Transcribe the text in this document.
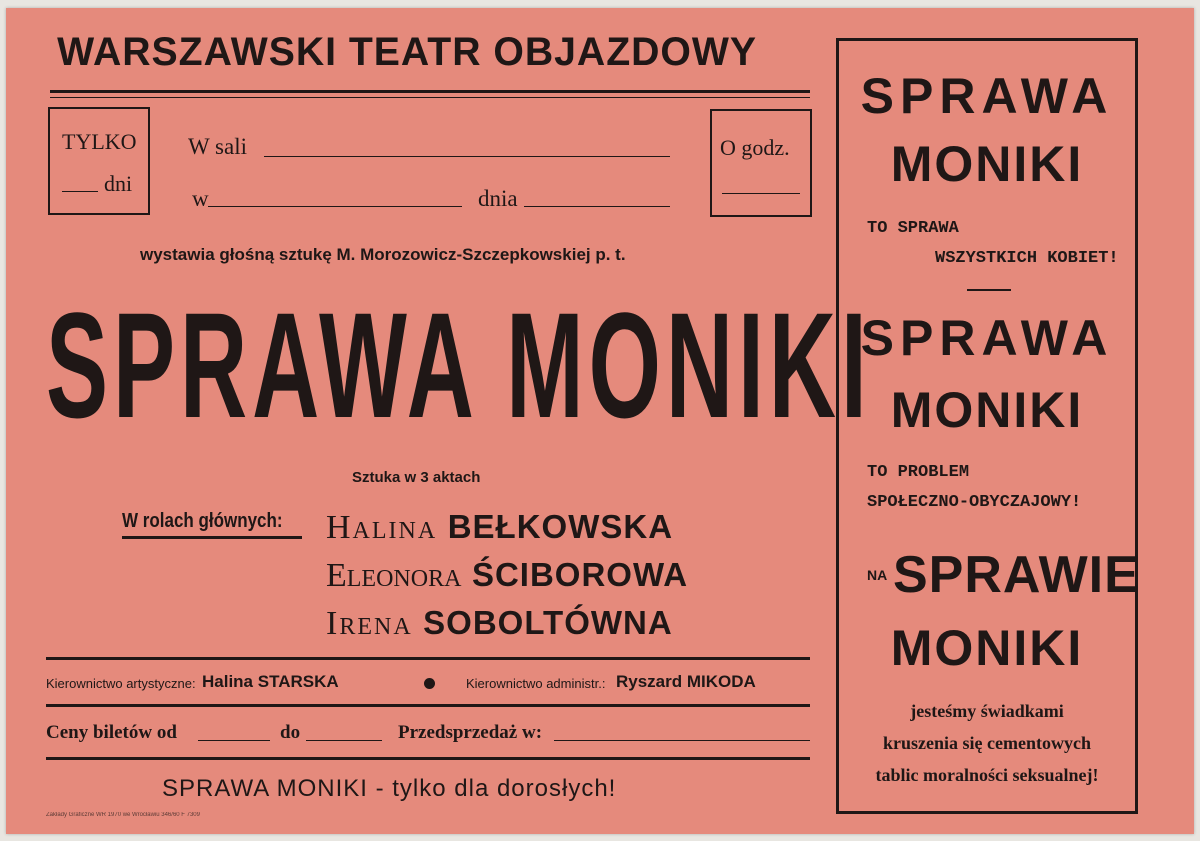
WARSZAWSKI TEATR OBJAZDOWY
TYLKO
dni
W sali
w	dnia
O godz.
wystawia głośną sztukę M. Morozowicz-Szczepkowskiej p. t.
SPRAWA MONIKI
Sztuka w 3 aktach
W rolach głównych: Halina BEŁKOWSKA
Eleonora ŚCIBOROWA
Irena SOBOLTÓWNA
Kierownictwo artystyczne: Halina STARSKA	Kierownictwo administr.: Ryszard MIKODA
Ceny biletów od	do	Przedsprzedaż w:
SPRAWA MONIKI - tylko dla dorosłych!
Zakłady Graficzne WR 1970 we Wrocławiu 346/60 F 7309
SPRAWA
MONIKI
TO SPRAWA
WSZYSTKICH KOBIET!
SPRAWA
MONIKI
TO PROBLEM
SPOŁECZNO-OBYCZAJOWY!
NA SPRAWIE
MONIKI
jesteśmy świadkami
kruszenia się cementowych
tablic moralności seksualnej!
